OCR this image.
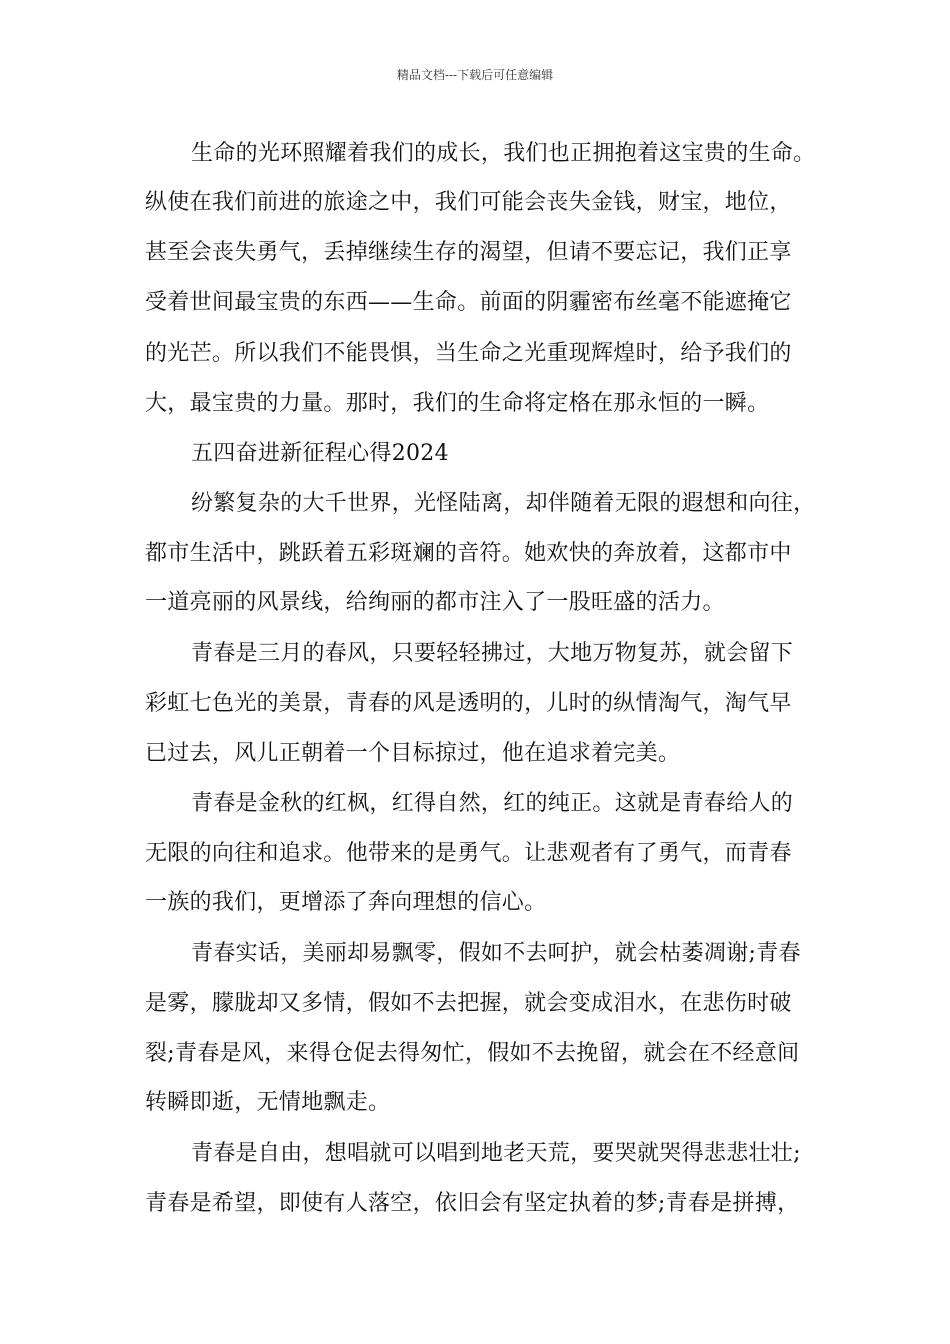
精品文档---下载后可任意编辑
生命的光环照耀着我们的成长，我们也正拥抱着这宝贵的生命。
纵使在我们前进的旅途之中，我们可能会丧失金钱，财宝，地位，
甚至会丧失勇气，丢掉继续生存的渴望，但请不要忘记，我们正享
受着世间最宝贵的东西——生命。前面的阴霾密布丝毫不能遮掩它
的光芒。所以我们不能畏惧，当生命之光重现辉煌时，给予我们的
大，最宝贵的力量。那时，我们的生命将定格在那永恒的一瞬。
五四奋进新征程心得2024
纷繁复杂的大千世界，光怪陆离，却伴随着无限的遐想和向往，
都市生活中，跳跃着五彩斑斓的音符。她欢快的奔放着，这都市中
一道亮丽的风景线，给绚丽的都市注入了一股旺盛的活力。
青春是三月的春风，只要轻轻拂过，大地万物复苏，就会留下
彩虹七色光的美景，青春的风是透明的，儿时的纵情淘气，淘气早
已过去，风儿正朝着一个目标掠过，他在追求着完美。
青春是金秋的红枫，红得自然，红的纯正。这就是青春给人的
无限的向往和追求。他带来的是勇气。让悲观者有了勇气，而青春
一族的我们，更增添了奔向理想的信心。
青春实话，美丽却易飘零，假如不去呵护，就会枯萎凋谢;青春
是雾，朦胧却又多情，假如不去把握，就会变成泪水，在悲伤时破
裂;青春是风，来得仓促去得匆忙，假如不去挽留，就会在不经意间
转瞬即逝，无情地飘走。
青春是自由，想唱就可以唱到地老天荒，要哭就哭得悲悲壮壮;
青春是希望，即使有人落空，依旧会有坚定执着的梦;青春是拼搏，
